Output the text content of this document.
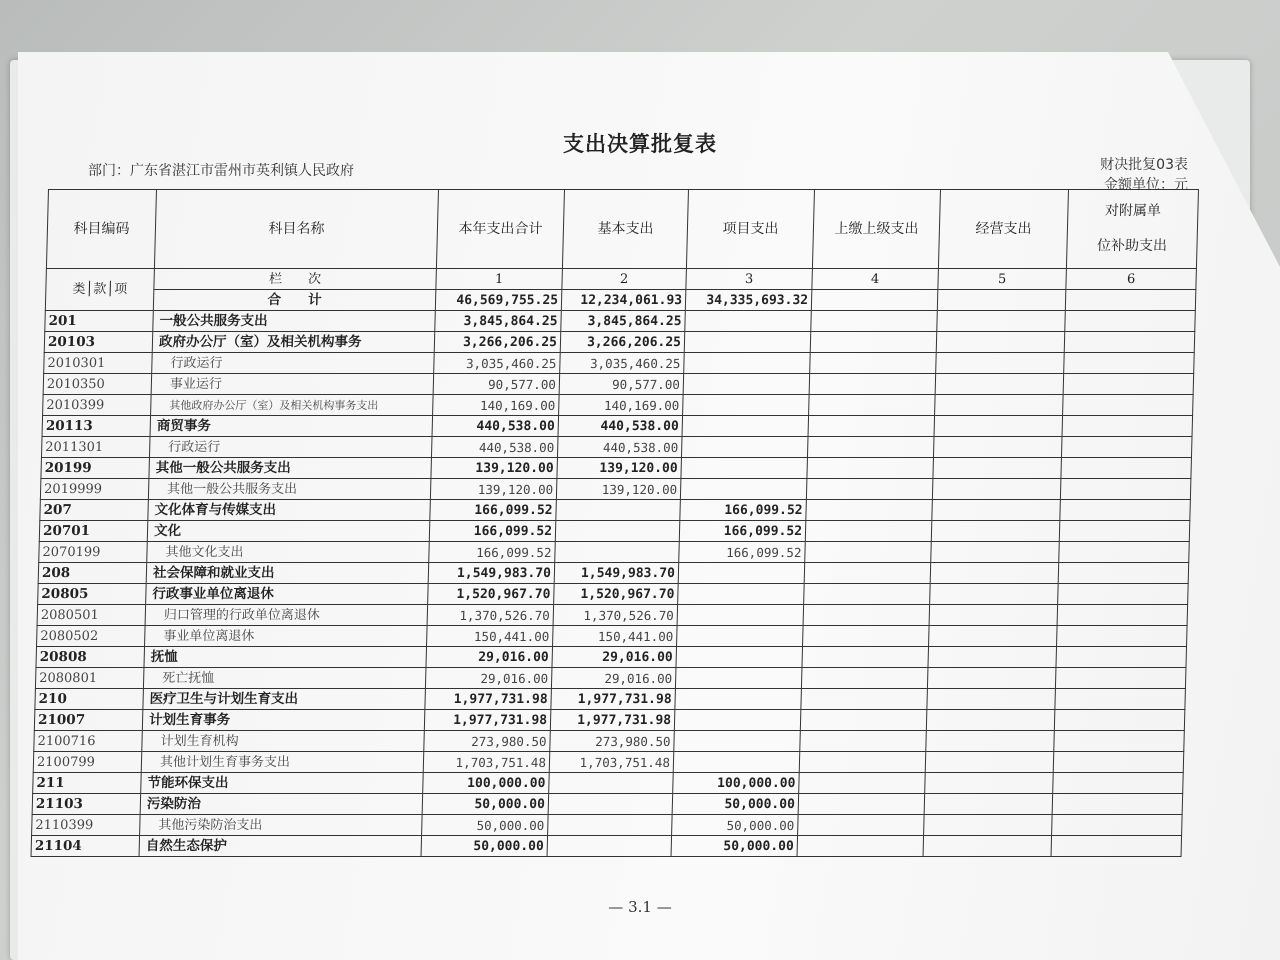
支出决算批复表
部门：广东省湛江市雷州市英利镇人民政府	财决批复03表
金额单位：元
科目编码	科目名称	本年支出合计	基本支出	项目支出	上缴上级支出	经营支出	对附属单
位补助支出

类│款│项	栏　　次	1	2	3	4	5	6
	合　　计	46,569,755.25	12,234,061.93	34,335,693.32			
201	一般公共服务支出	3,845,864.25	3,845,864.25				
20103	政府办公厅（室）及相关机构事务	3,266,206.25	3,266,206.25				
2010301	行政运行	3,035,460.25	3,035,460.25				
2010350	事业运行	90,577.00	90,577.00				
2010399	其他政府办公厅（室）及相关机构事务支出	140,169.00	140,169.00				
20113	商贸事务	440,538.00	440,538.00				
2011301	行政运行	440,538.00	440,538.00				
20199	其他一般公共服务支出	139,120.00	139,120.00				
2019999	其他一般公共服务支出	139,120.00	139,120.00				
207	文化体育与传媒支出	166,099.52		166,099.52			
20701	文化	166,099.52		166,099.52			
2070199	其他文化支出	166,099.52		166,099.52			
208	社会保障和就业支出	1,549,983.70	1,549,983.70				
20805	行政事业单位离退休	1,520,967.70	1,520,967.70				
2080501	归口管理的行政单位离退休	1,370,526.70	1,370,526.70				
2080502	事业单位离退休	150,441.00	150,441.00				
20808	抚恤	29,016.00	29,016.00				
2080801	死亡抚恤	29,016.00	29,016.00				
210	医疗卫生与计划生育支出	1,977,731.98	1,977,731.98				
21007	计划生育事务	1,977,731.98	1,977,731.98				
2100716	计划生育机构	273,980.50	273,980.50				
2100799	其他计划生育事务支出	1,703,751.48	1,703,751.48				
211	节能环保支出	100,000.00		100,000.00			
21103	污染防治	50,000.00		50,000.00			
2110399	其他污染防治支出	50,000.00		50,000.00			
21104	自然生态保护	50,000.00		50,000.00			
— 3.1 —
